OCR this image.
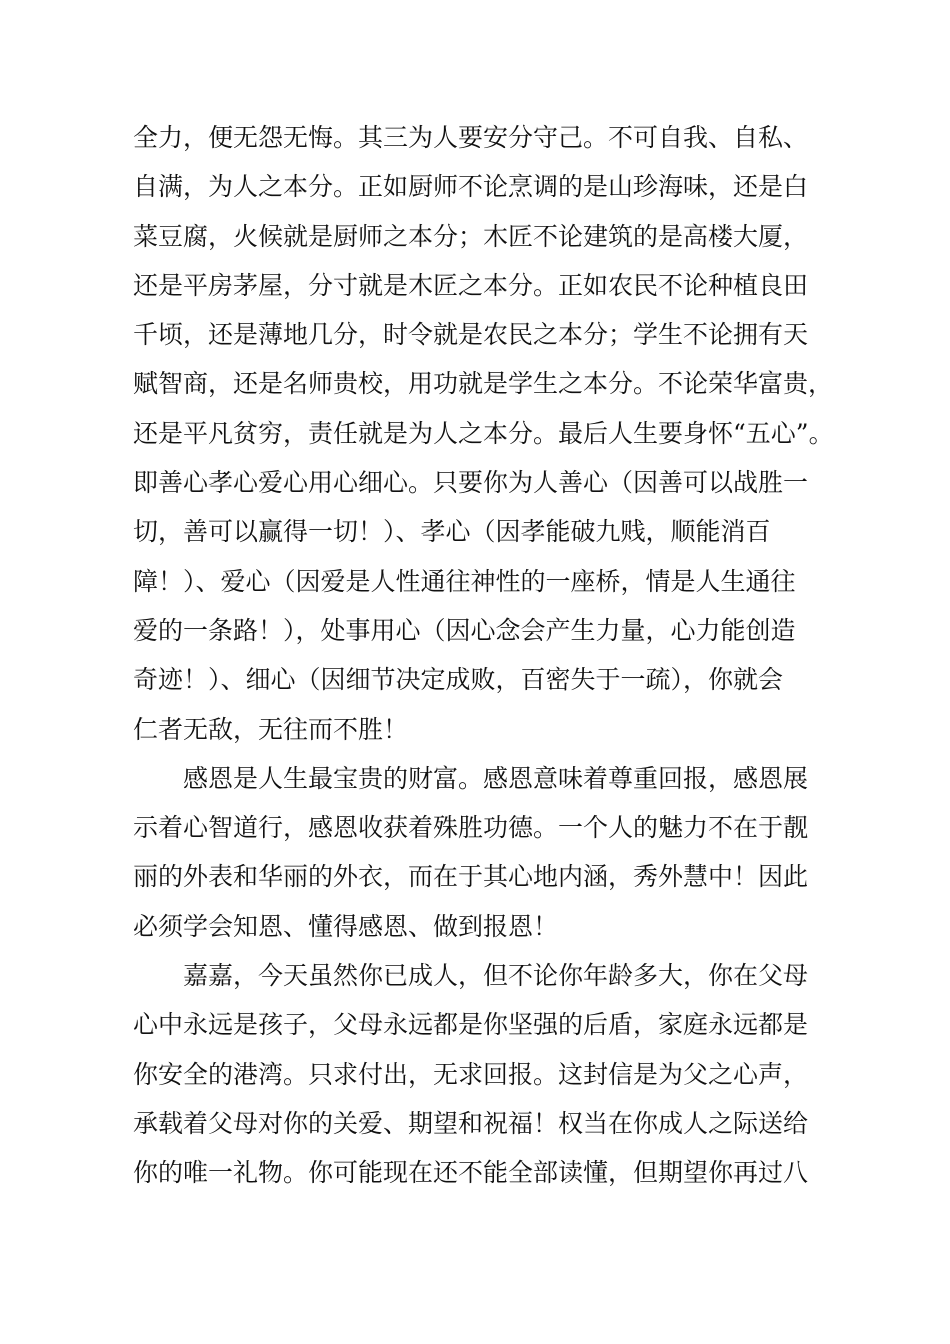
全力，便无怨无悔。其三为人要安分守己。不可自我、自私、
自满，为人之本分。正如厨师不论烹调的是山珍海味，还是白
菜豆腐，火候就是厨师之本分；木匠不论建筑的是高楼大厦，
还是平房茅屋，分寸就是木匠之本分。正如农民不论种植良田
千顷，还是薄地几分，时令就是农民之本分；学生不论拥有天
赋智商，还是名师贵校，用功就是学生之本分。不论荣华富贵，
还是平凡贫穷，责任就是为人之本分。最后人生要身怀“五心”。
即善心孝心爱心用心细心。只要你为人善心（因善可以战胜一
切，善可以赢得一切！）、孝心（因孝能破九贱，顺能消百
障！）、爱心（因爱是人性通往神性的一座桥，情是人生通往
爱的一条路！），处事用心（因心念会产生力量，心力能创造
奇迹！）、细心（因细节决定成败，百密失于一疏），你就会
仁者无敌，无往而不胜！
感恩是人生最宝贵的财富。感恩意味着尊重回报，感恩展
示着心智道行，感恩收获着殊胜功德。一个人的魅力不在于靓
丽的外表和华丽的外衣，而在于其心地内涵，秀外慧中！因此
必须学会知恩、懂得感恩、做到报恩！
嘉嘉，今天虽然你已成人，但不论你年龄多大，你在父母
心中永远是孩子，父母永远都是你坚强的后盾，家庭永远都是
你安全的港湾。只求付出，无求回报。这封信是为父之心声，
承载着父母对你的关爱、期望和祝福！权当在你成人之际送给
你的唯一礼物。你可能现在还不能全部读懂，但期望你再过八
